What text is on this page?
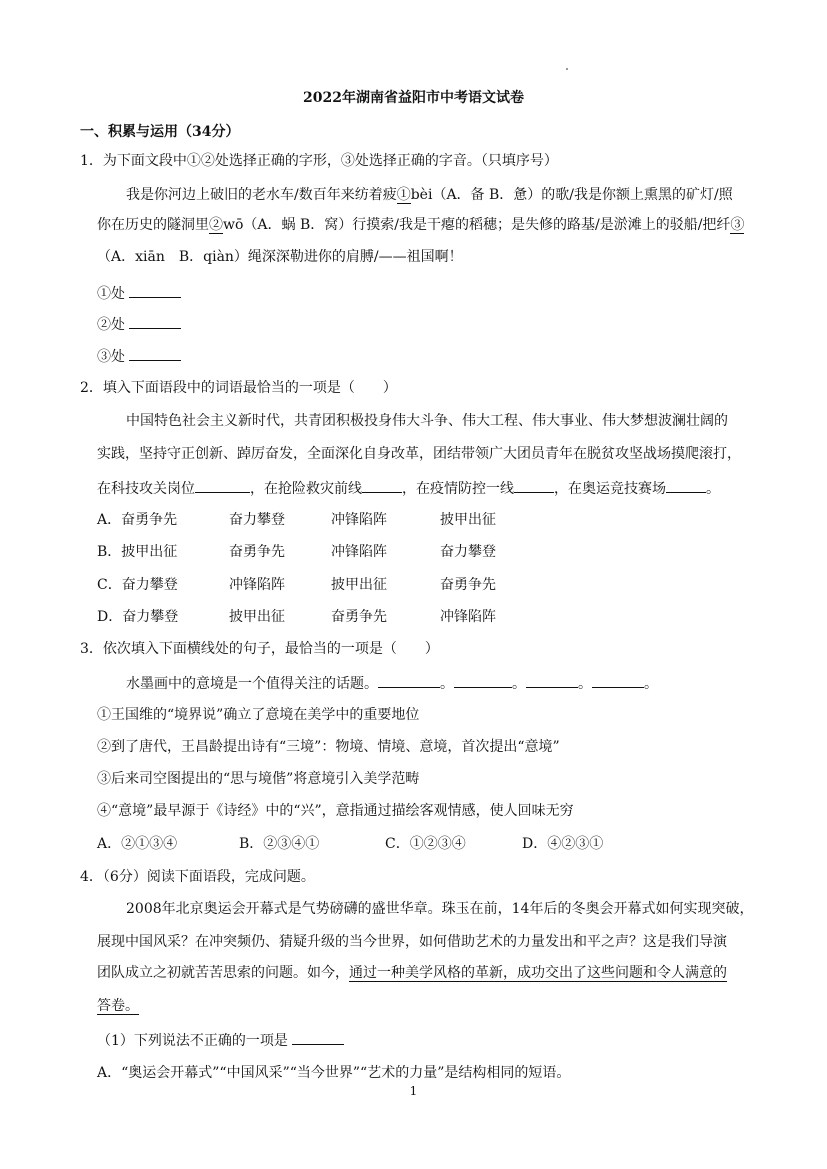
2022年湖南省益阳市中考语文试卷
一、积累与运用（34分）
1．为下面文段中①②处选择正确的字形，③处选择正确的字音。（只填序号）
我是你河边上破旧的老水车/数百年来纺着疲①bèi（A．备 B．惫）的歌/我是你额上熏黑的矿灯/照
你在历史的隧洞里②wō（A．蜗 B．窝）行摸索/我是干瘪的稻穗；是失修的路基/是淤滩上的驳船/把纤③
（A．xiān　B．qiàn）绳深深勒进你的肩膊/——祖国啊！
①处
②处
③处
2．填入下面语段中的词语最恰当的一项是（　　）
中国特色社会主义新时代，共青团积极投身伟大斗争、伟大工程、伟大事业、伟大梦想波澜壮阔的
实践，坚持守正创新、踔厉奋发，全面深化自身改革，团结带领广大团员青年在脱贫攻坚战场摸爬滚打，
在科技攻关岗位	，在抢险救灾前线	，在疫情防控一线	，在奥运竞技赛场	。
A．奋勇争先	奋力攀登	冲锋陷阵	披甲出征
B．披甲出征	奋勇争先	冲锋陷阵	奋力攀登
C．奋力攀登	冲锋陷阵	披甲出征	奋勇争先
D．奋力攀登	披甲出征	奋勇争先	冲锋陷阵
3．依次填入下面横线处的句子，最恰当的一项是（　　）
水墨画中的意境是一个值得关注的话题。	。	。	。	。
①王国维的“境界说”确立了意境在美学中的重要地位
②到了唐代，王昌龄提出诗有“三境”：物境、情境、意境，首次提出“意境”
③后来司空图提出的“思与境偕”将意境引入美学范畴
④“意境”最早源于《诗经》中的“兴”，意指通过描绘客观情感，使人回味无穷
A．②①③④	B．②③④①	C．①②③④	D．④②③①
4．（6分）阅读下面语段，完成问题。
2008年北京奥运会开幕式是气势磅礴的盛世华章。珠玉在前，14年后的冬奥会开幕式如何实现突破，
展现中国风采？在冲突频仍、猜疑升级的当今世界，如何借助艺术的力量发出和平之声？这是我们导演
团队成立之初就苦苦思索的问题。如今，通过一种美学风格的革新，成功交出了这些问题和令人满意的
答卷。
（1）下列说法不正确的一项是
A．“奥运会开幕式”“中国风采”“当今世界”“艺术的力量”是结构相同的短语。
1
